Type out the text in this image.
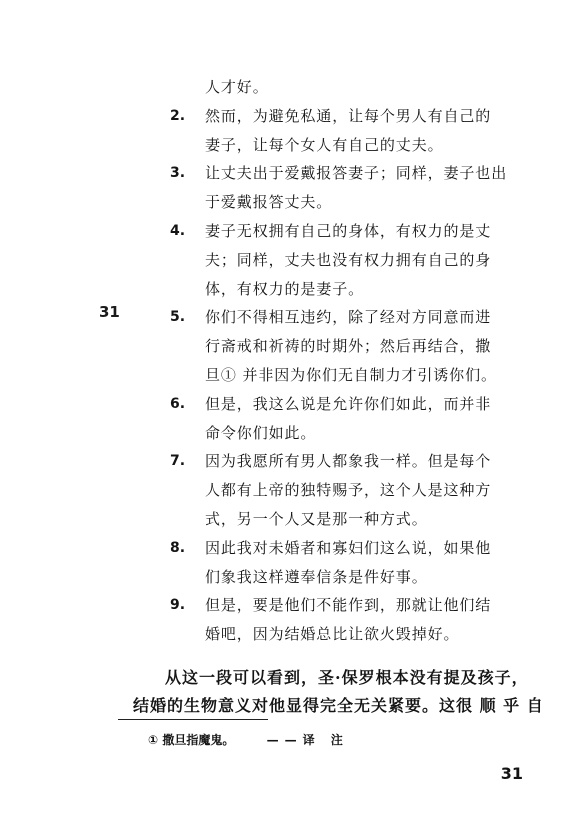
31
人才好。
2. 然而，为避免私通，让每个男人有自己的
妻子，让每个女人有自己的丈夫。
3. 让丈夫出于爱戴报答妻子；同样，妻子也出
于爱戴报答丈夫。
4. 妻子无权拥有自己的身体，有权力的是丈
夫；同样，丈夫也没有权力拥有自己的身
体，有权力的是妻子。
5. 你们不得相互违约，除了经对方同意而进
行斋戒和祈祷的时期外；然后再结合，撒
旦① 并非因为你们无自制力才引诱你们。
6. 但是，我这么说是允许你们如此，而并非
命令你们如此。
7. 因为我愿所有男人都象我一样。但是每个
人都有上帝的独特赐予，这个人是这种方
式，另一个人又是那一种方式。
8. 因此我对未婚者和寡妇们这么说，如果他
们象我这样遵奉信条是件好事。
9. 但是，要是他们不能作到，那就让他们结
婚吧，因为结婚总比让欲火毁掉好。
从这一段可以看到，圣·保罗根本没有提及孩子，
结婚的生物意义对他显得完全无关紧要。这很 顺 乎 自
① 撒旦指魔鬼。	——译 注
31
